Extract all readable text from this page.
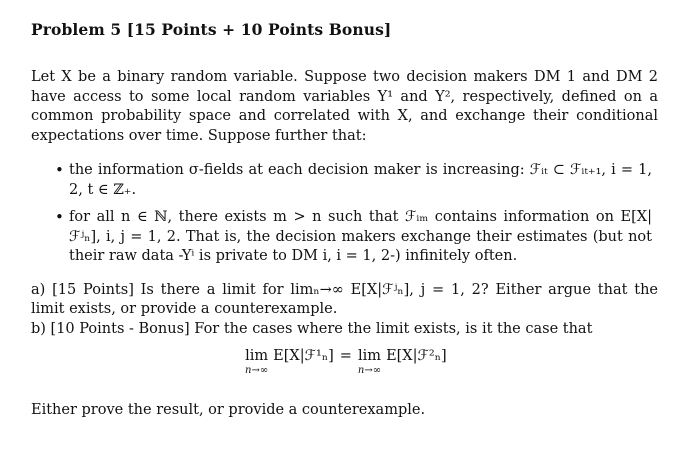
Problem 5 [15 Points + 10 Points Bonus]

Let X be a binary random variable. Suppose two decision makers DM 1 and DM 2 have access to some local random variables Y¹ and Y², respectively, defined on a common probability space and correlated with X, and exchange their conditional expectations over time. Suppose further that:

• the information σ-fields at each decision maker is increasing: ℱᵢₜ ⊂ ℱᵢₜ₊₁, i = 1, 2, t ∈ ℤ₊.
• for all n ∈ ℕ, there exists m > n such that ℱᵢₘ contains information on E[X|ℱʲₙ], i, j = 1, 2. That is, the decision makers exchange their estimates (but not their raw data -Yⁱ is private to DM i, i = 1, 2-) infinitely often.

a) [15 Points] Is there a limit for limₙ→∞ E[X|ℱʲₙ], j = 1, 2? Either argue that the limit exists, or provide a counterexample.

b) [10 Points - Bonus] For the cases where the limit exists, is it the case that

lim
n→∞
E[X|ℱ¹ₙ] = lim
n→∞
E[X|ℱ²ₙ]

Either prove the result, or provide a counterexample.
